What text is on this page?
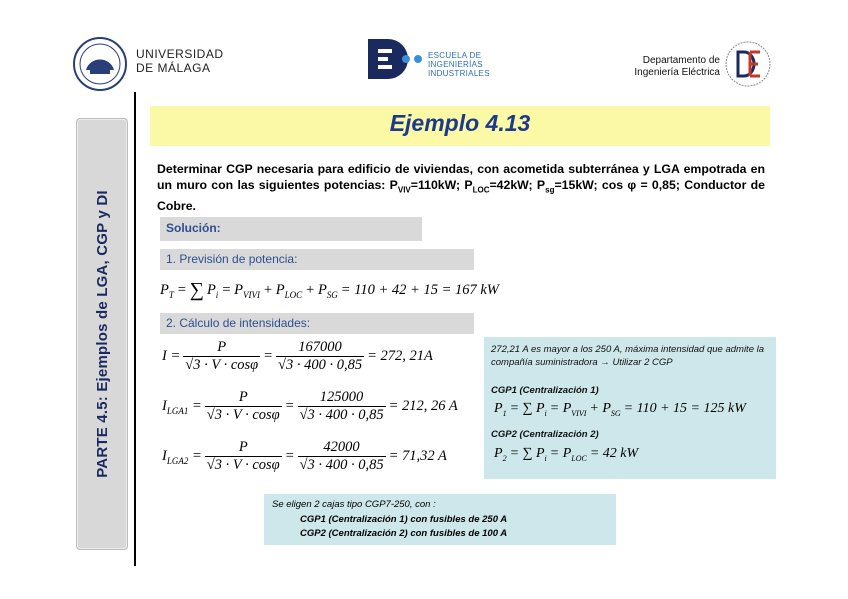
UNIVERSIDAD
DE MÁLAGA
ESCUELA DE
INGENIERÍAS
INDUSTRIALES
Departamento de
Ingeniería Eléctrica
PARTE 4.5: Ejemplos de LGA, CGP y DI
Ejemplo 4.13
Determinar CGP necesaria para edificio de viviendas, con acometida subterránea y LGA empotrada en un muro con las siguientes potencias: $P_{VIV}=110kW$; $P_{LOC}=42kW$; $P_{sg}=15kW$; cos φ = 0,85; Conductor de Cobre.
Solución:
1. Previsión de potencia:
$P_T$ = ∑ $P_i = P_{VIVI} + P_{LOC} + P_{SG} = 110 + 42 + 15 = 167$ kW
2. Cálculo de intensidades:
$I = \frac{P}{√3 \cdot V \cdot \cos\varphi} = \frac{167000}{√3 \cdot 400 \cdot 0,85} = 272$, 21A
$I_{LGA1} = \frac{P}{√3 \cdot V \cdot \cos\varphi} = \frac{125000}{√3 \cdot 400 \cdot 0,85} = 212$, 26 A
$I_{LGA2} = \frac{P}{√3 \cdot V \cdot \cos\varphi} = \frac{42000}{√3 \cdot 400 \cdot 0,85} = 71,32$ A
272,21 A es mayor a los 250 A, máxima intensidad que admite la compañía suministradora → Utilizar 2 CGP
CGP1 (Centralización 1)
$P_1$ = ∑ $P_i = P_{VIVI} + P_{SG} = 110 + 15 = 125$ kW
CGP2 (Centralización 2)
$P_2$ = ∑ $P_i = P_{LOC} = 42$ kW
Se eligen 2 cajas tipo CGP7-250, con :
CGP1 (Centralización 1) con fusibles de 250 A
CGP2 (Centralización 2) con fusibles de 100 A
